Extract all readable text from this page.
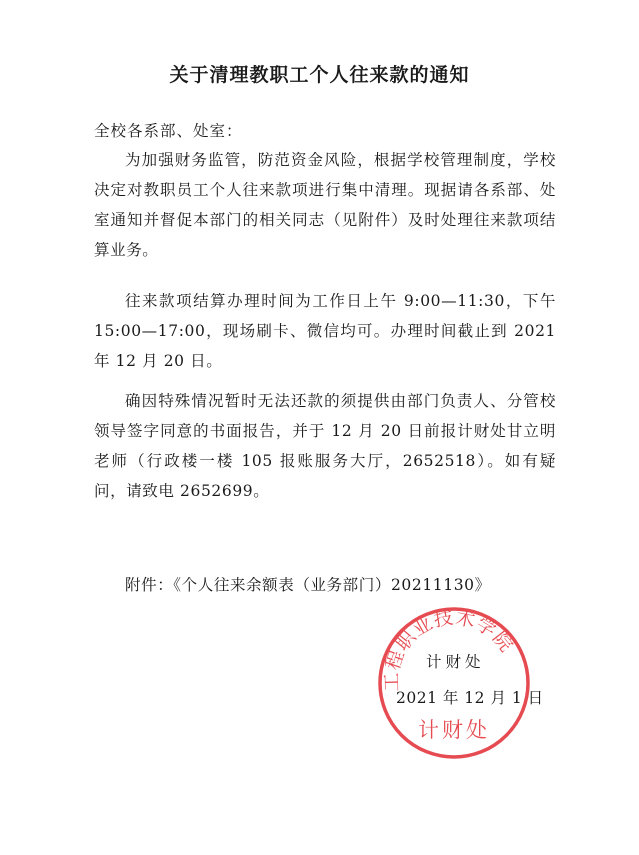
关于清理教职工个人往来款的通知
全校各系部、处室：

为加强财务监管，防范资金风险，根据学校管理制度，学校决定对教职员工个人往来款项进行集中清理。现据请各系部、处室通知并督促本部门的相关同志（见附件）及时处理往来款项结算业务。

往来款项结算办理时间为工作日上午 9:00—11:30，下午 15:00—17:00，现场刷卡、微信均可。办理时间截止到 2021 年 12 月 20 日。

确因特殊情况暂时无法还款的须提供由部门负责人、分管校领导签字同意的书面报告，并于 12 月 20 日前报计财处甘立明老师（行政楼一楼 105 报账服务大厅，2652518）。如有疑问，请致电 2652699。

附件：《个人往来余额表（业务部门）20211130》
计财处
2021 年 12 月 1 日
工程职业技术学院
计财处
